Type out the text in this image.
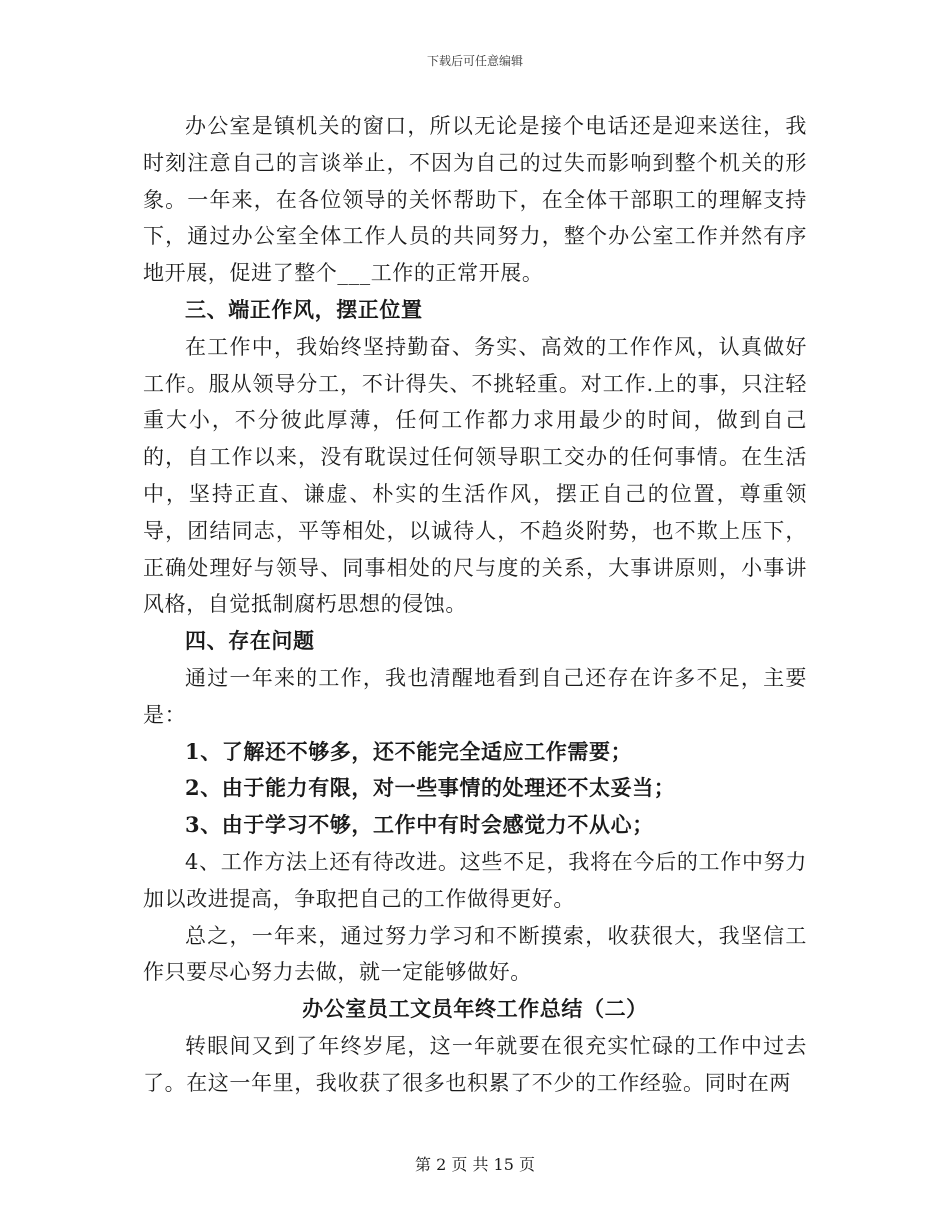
下载后可任意编辑

办公室是镇机关的窗口，所以无论是接个电话还是迎来送往，我时刻注意自己的言谈举止，不因为自己的过失而影响到整个机关的形象。一年来，在各位领导的关怀帮助下，在全体干部职工的理解支持下，通过办公室全体工作人员的共同努力，整个办公室工作并然有序地开展，促进了整个___工作的正常开展。

三、端正作风，摆正位置

在工作中，我始终坚持勤奋、务实、高效的工作作风，认真做好工作。服从领导分工，不计得失、不挑轻重。对工作.上的事，只注轻重大小，不分彼此厚薄，任何工作都力求用最少的时间，做到自己的，自工作以来，没有耽误过任何领导职工交办的任何事情。在生活中，坚持正直、谦虚、朴实的生活作风，摆正自己的位置，尊重领导，团结同志，平等相处，以诚待人，不趋炎附势，也不欺上压下，正确处理好与领导、同事相处的尺与度的关系，大事讲原则，小事讲风格，自觉抵制腐朽思想的侵蚀。

四、存在问题

通过一年来的工作，我也清醒地看到自己还存在许多不足，主要是：

1、了解还不够多，还不能完全适应工作需要；

2、由于能力有限，对一些事情的处理还不太妥当；

3、由于学习不够，工作中有时会感觉力不从心；

4、工作方法上还有待改进。这些不足，我将在今后的工作中努力加以改进提高，争取把自己的工作做得更好。

总之，一年来，通过努力学习和不断摸索，收获很大，我坚信工作只要尽心努力去做，就一定能够做好。

办公室员工文员年终工作总结（二）

转眼间又到了年终岁尾，这一年就要在很充实忙碌的工作中过去了。在这一年里，我收获了很多也积累了不少的工作经验。同时在两

第 2 页 共 15 页
